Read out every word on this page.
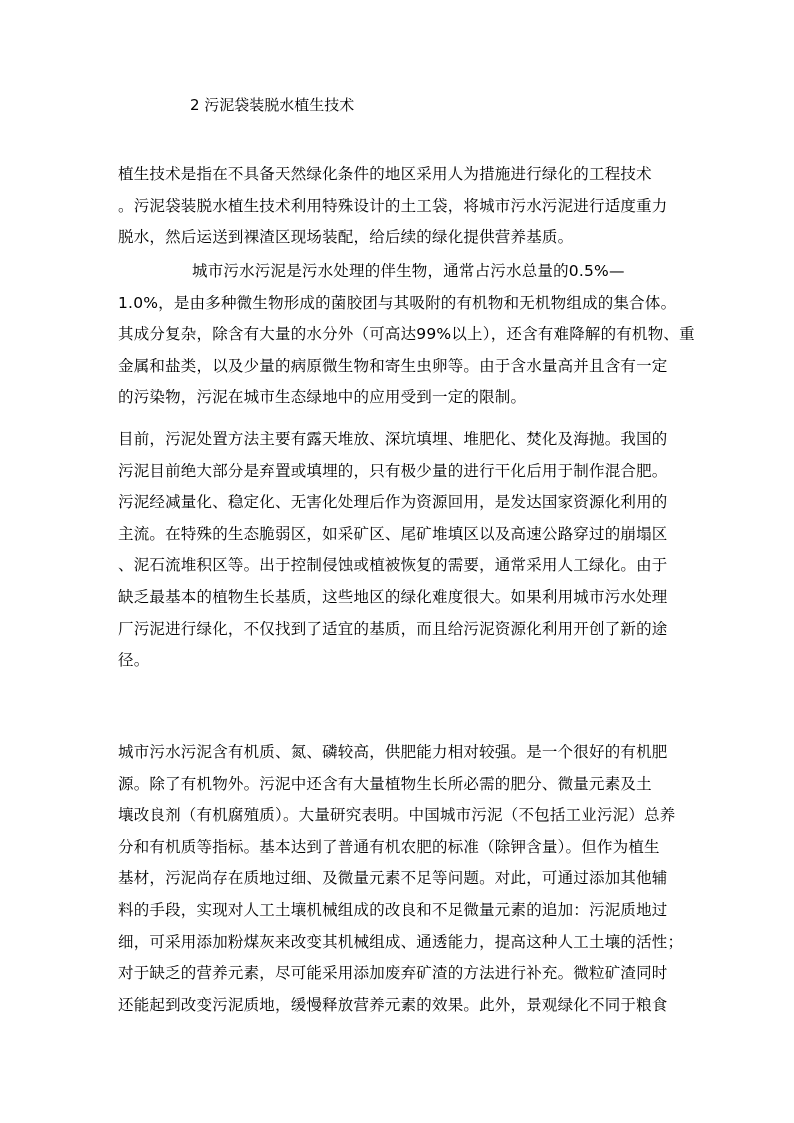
2 污泥袋装脱水植生技术
植生技术是指在不具备天然绿化条件的地区采用人为措施进行绿化的工程技术
。污泥袋装脱水植生技术利用特殊设计的土工袋，将城市污水污泥进行适度重力
脱水，然后运送到裸渣区现场装配，给后续的绿化提供营养基质。
城市污水污泥是污水处理的伴生物，通常占污水总量的0.5%—
1.0%，是由多种微生物形成的菌胶团与其吸附的有机物和无机物组成的集合体。
其成分复杂，除含有大量的水分外（可高达99%以上），还含有难降解的有机物、重
金属和盐类，以及少量的病原微生物和寄生虫卵等。由于含水量高并且含有一定
的污染物，污泥在城市生态绿地中的应用受到一定的限制。
目前，污泥处置方法主要有露天堆放、深坑填埋、堆肥化、焚化及海抛。我国的
污泥目前绝大部分是弃置或填埋的，只有极少量的进行干化后用于制作混合肥。
污泥经减量化、稳定化、无害化处理后作为资源回用，是发达国家资源化利用的
主流。在特殊的生态脆弱区，如采矿区、尾矿堆填区以及高速公路穿过的崩塌区
、泥石流堆积区等。出于控制侵蚀或植被恢复的需要，通常采用人工绿化。由于
缺乏最基本的植物生长基质，这些地区的绿化难度很大。如果利用城市污水处理
厂污泥进行绿化，不仅找到了适宜的基质，而且给污泥资源化利用开创了新的途
径。
城市污水污泥含有机质、氮、磷较高，供肥能力相对较强。是一个很好的有机肥
源。除了有机物外。污泥中还含有大量植物生长所必需的肥分、微量元素及土
壤改良剂（有机腐殖质）。大量研究表明。中国城市污泥（不包括工业污泥）总养
分和有机质等指标。基本达到了普通有机农肥的标准（除钾含量）。但作为植生
基材，污泥尚存在质地过细、及微量元素不足等问题。对此，可通过添加其他辅
料的手段，实现对人工土壤机械组成的改良和不足微量元素的追加：污泥质地过
细，可采用添加粉煤灰来改变其机械组成、通透能力，提高这种人工土壤的活性；
对于缺乏的营养元素，尽可能采用添加废弃矿渣的方法进行补充。微粒矿渣同时
还能起到改变污泥质地，缓慢释放营养元素的效果。此外，景观绿化不同于粮食
